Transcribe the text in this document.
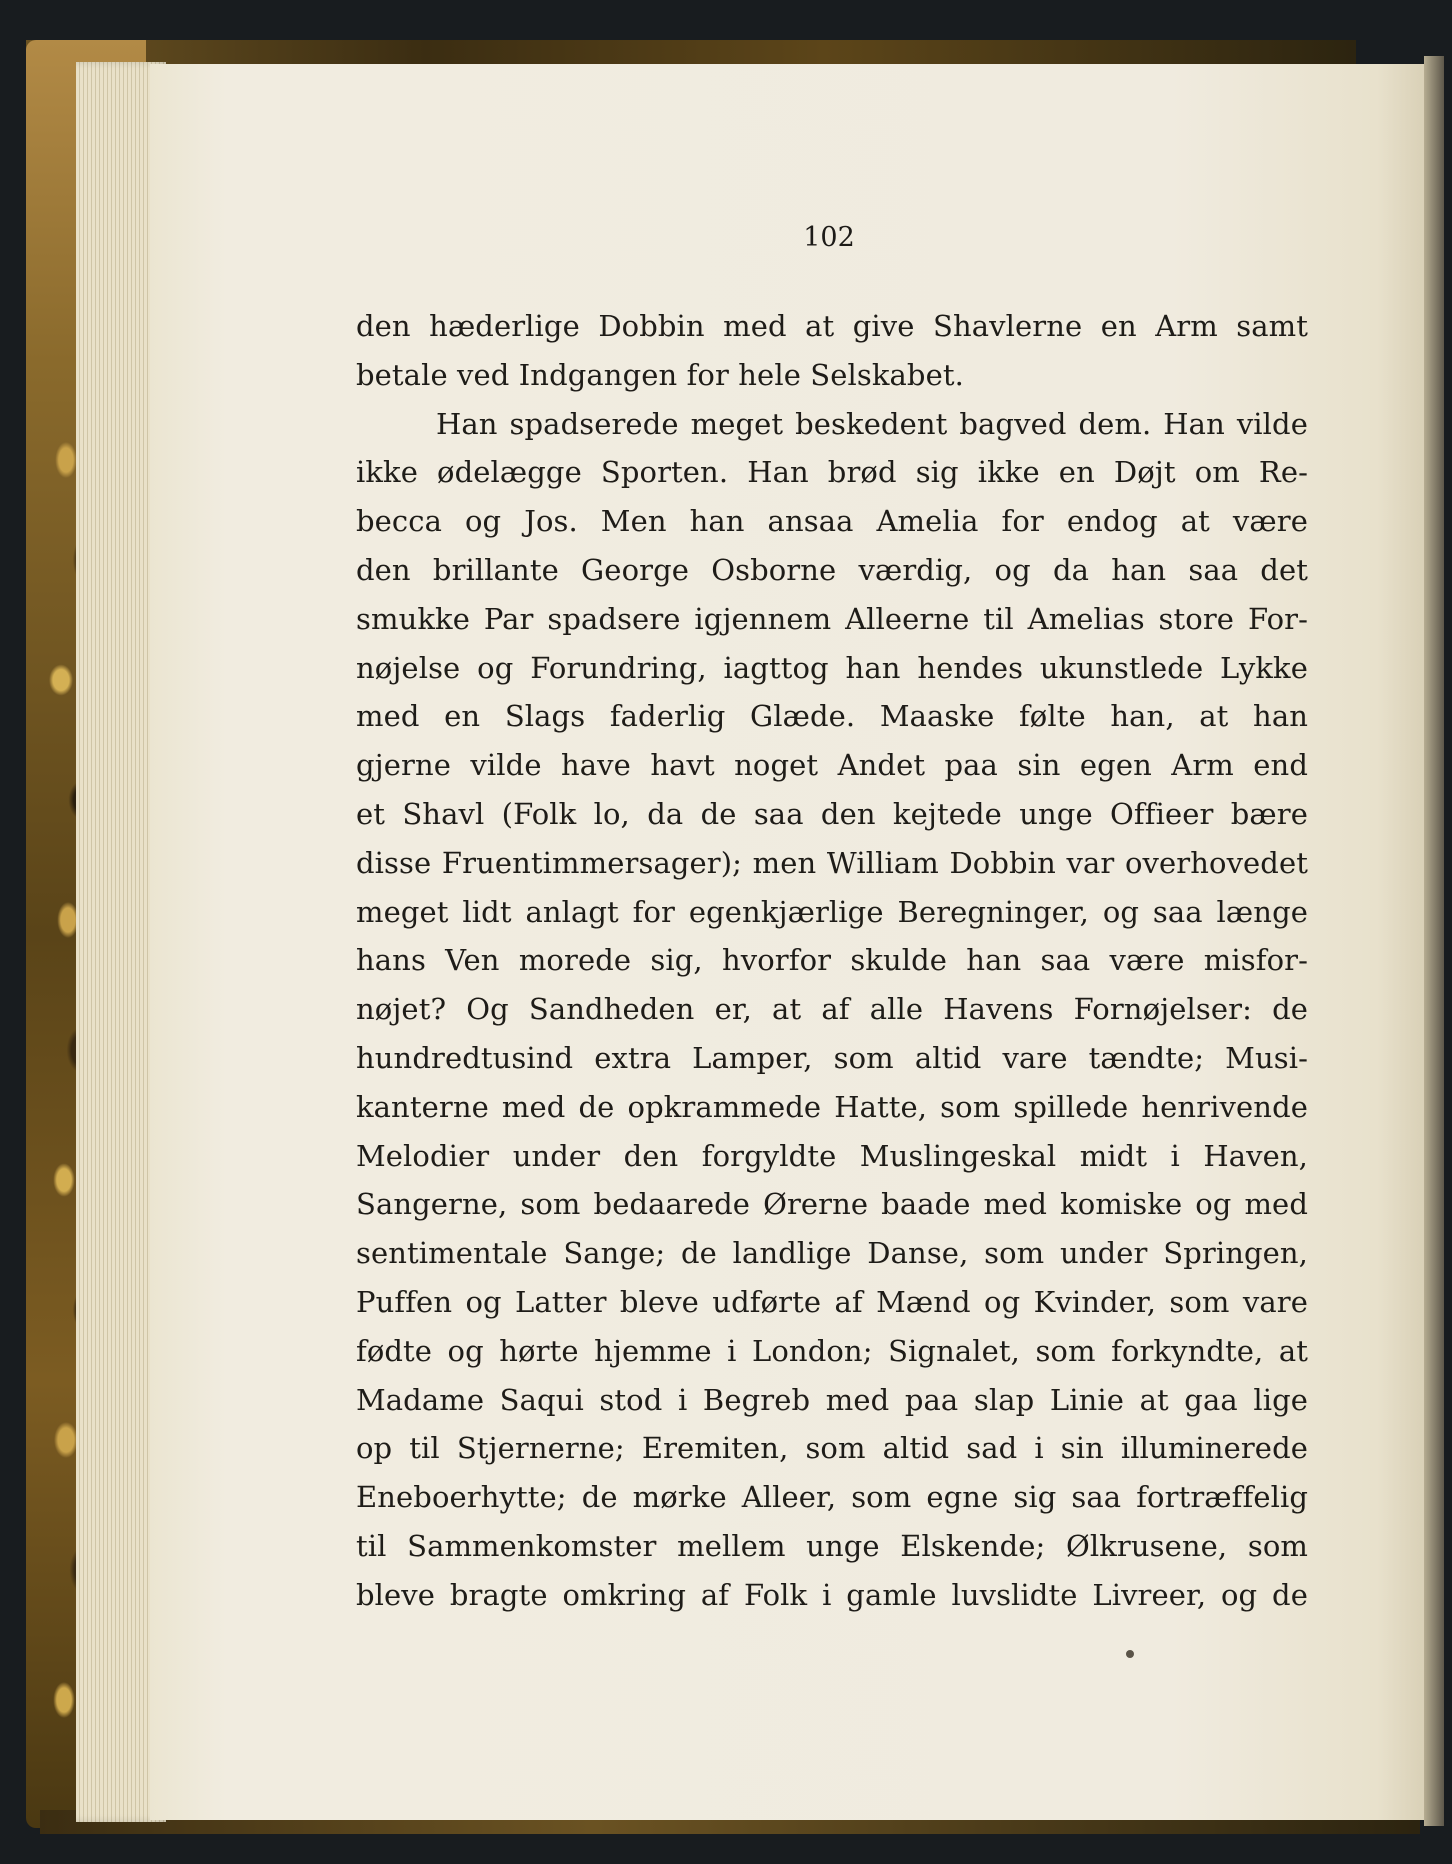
102
den hæderlige Dobbin med at give Shavlerne en Arm samt
betale ved Indgangen for hele Selskabet.
Han spadserede meget beskedent bagved dem. Han vilde
ikke ødelægge Sporten. Han brød sig ikke en Døjt om Re-
becca og Jos. Men han ansaa Amelia for endog at være
den brillante George Osborne værdig, og da han saa det
smukke Par spadsere igjennem Alleerne til Amelias store For-
nøjelse og Forundring, iagttog han hendes ukunstlede Lykke
med en Slags faderlig Glæde. Maaske følte han, at han
gjerne vilde have havt noget Andet paa sin egen Arm end
et Shavl (Folk lo, da de saa den kejtede unge Offieer bære
disse Fruentimmersager); men William Dobbin var overhovedet
meget lidt anlagt for egenkjærlige Beregninger, og saa længe
hans Ven morede sig, hvorfor skulde han saa være misfor-
nøjet? Og Sandheden er, at af alle Havens Fornøjelser: de
hundredtusind extra Lamper, som altid vare tændte; Musi-
kanterne med de opkrammede Hatte, som spillede henrivende
Melodier under den forgyldte Muslingeskal midt i Haven,
Sangerne, som bedaarede Ørerne baade med komiske og med
sentimentale Sange; de landlige Danse, som under Springen,
Puffen og Latter bleve udførte af Mænd og Kvinder, som vare
fødte og hørte hjemme i London; Signalet, som forkyndte, at
Madame Saqui stod i Begreb med paa slap Linie at gaa lige
op til Stjernerne; Eremiten, som altid sad i sin illuminerede
Eneboerhytte; de mørke Alleer, som egne sig saa fortræffelig
til Sammenkomster mellem unge Elskende; Ølkrusene, som
bleve bragte omkring af Folk i gamle luvslidte Livreer, og de
